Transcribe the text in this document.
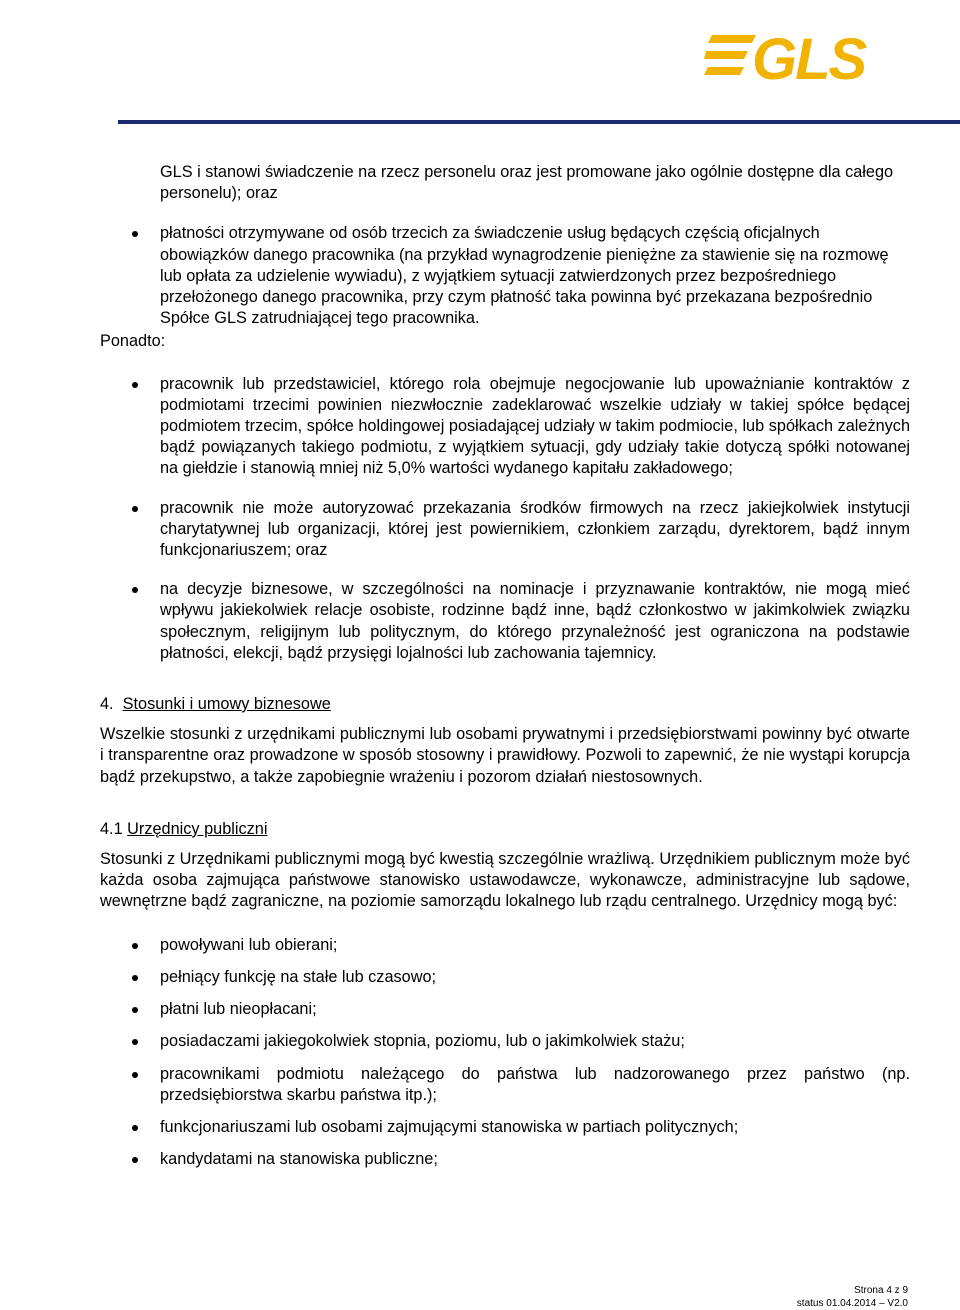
GLS

GLS i stanowi świadczenie na rzecz personelu oraz jest promowane jako ogólnie dostępne dla całego personelu); oraz

płatności otrzymywane od osób trzecich za świadczenie usług będących częścią oficjalnych obowiązków danego pracownika (na przykład wynagrodzenie pieniężne za stawienie się na rozmowę lub opłata za udzielenie wywiadu), z wyjątkiem sytuacji zatwierdzonych przez bezpośredniego przełożonego danego pracownika, przy czym płatność taka powinna być przekazana bezpośrednio Spółce GLS zatrudniającej tego pracownika.

Ponadto:

pracownik lub przedstawiciel, którego rola obejmuje negocjowanie lub upoważnianie kontraktów z podmiotami trzecimi powinien niezwłocznie zadeklarować wszelkie udziały w takiej spółce będącej podmiotem trzecim, spółce holdingowej posiadającej udziały w takim podmiocie, lub spółkach zależnych bądź powiązanych takiego podmiotu, z wyjątkiem sytuacji, gdy udziały takie dotyczą spółki notowanej na giełdzie i stanowią mniej niż 5,0% wartości wydanego kapitału zakładowego;
pracownik nie może autoryzować przekazania środków firmowych na rzecz jakiejkolwiek instytucji charytatywnej lub organizacji, której jest powiernikiem, członkiem zarządu, dyrektorem, bądź innym funkcjonariuszem; oraz
na decyzje biznesowe, w szczególności na nominacje i przyznawanie kontraktów, nie mogą mieć wpływu jakiekolwiek relacje osobiste, rodzinne bądź inne, bądź członkostwo w jakimkolwiek związku społecznym, religijnym lub politycznym, do którego przynależność jest ograniczona na podstawie płatności, elekcji, bądź przysięgi lojalności lub zachowania tajemnicy.

4. Stosunki i umowy biznesowe

Wszelkie stosunki z urzędnikami publicznymi lub osobami prywatnymi i przedsiębiorstwami powinny być otwarte i transparentne oraz prowadzone w sposób stosowny i prawidłowy. Pozwoli to zapewnić, że nie wystąpi korupcja bądź przekupstwo, a także zapobiegnie wrażeniu i pozorom działań niestosownych.

4.1 Urzędnicy publiczni

Stosunki z Urzędnikami publicznymi mogą być kwestią szczególnie wrażliwą. Urzędnikiem publicznym może być każda osoba zajmująca państwowe stanowisko ustawodawcze, wykonawcze, administracyjne lub sądowe, wewnętrzne bądź zagraniczne, na poziomie samorządu lokalnego lub rządu centralnego. Urzędnicy mogą być:

powoływani lub obierani;
pełniący funkcję na stałe lub czasowo;
płatni lub nieopłacani;
posiadaczami jakiegokolwiek stopnia, poziomu, lub o jakimkolwiek stażu;
pracownikami podmiotu należącego do państwa lub nadzorowanego przez państwo (np. przedsiębiorstwa skarbu państwa itp.);
funkcjonariuszami lub osobami zajmującymi stanowiska w partiach politycznych;
kandydatami na stanowiska publiczne;
Strona 4 z 9
status 01.04.2014 – V2.0
